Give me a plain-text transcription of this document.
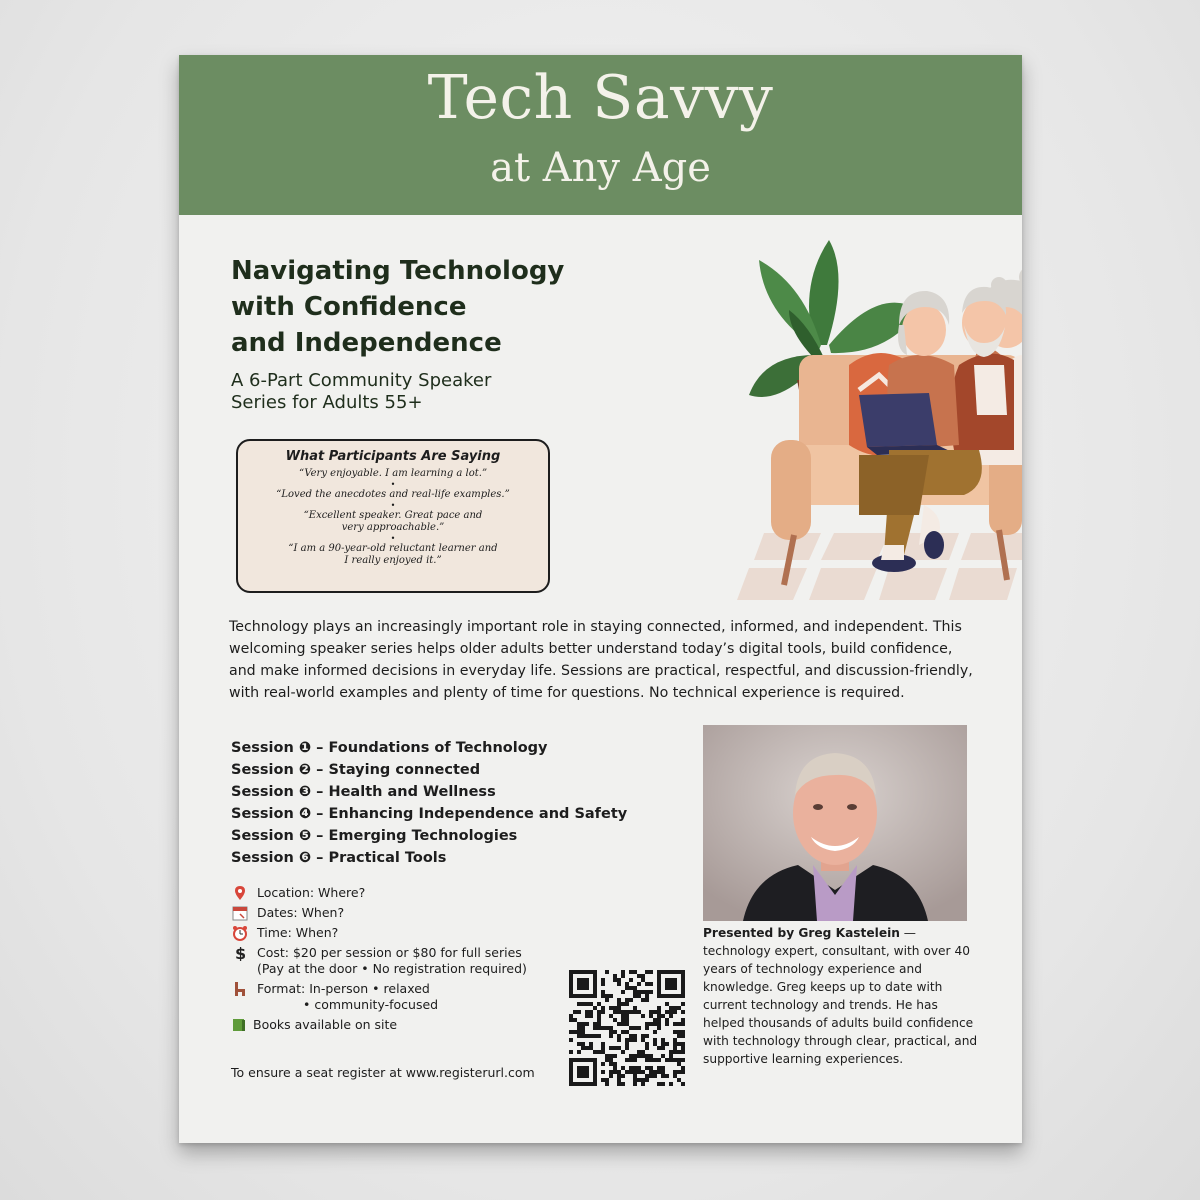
Tech Savvy
at Any Age
Navigating Technology
with Confidence
and Independence
A 6-Part Community Speaker
Series for Adults 55+
What Participants Are Saying
“Very enjoyable. I am learning a lot.”
•
“Loved the anecdotes and real-life examples.”
•
“Excellent speaker. Great pace and
very approachable.”
•
“I am a 90-year-old reluctant learner and
I really enjoyed it.”
Technology plays an increasingly important role in staying connected, informed, and independent. This welcoming speaker series helps older adults better understand today’s digital tools, build confidence, and make informed decisions in everyday life. Sessions are practical, respectful, and discussion-friendly, with real-world examples and plenty of time for questions. No technical experience is required.
Session ❶ – Foundations of Technology
Session ❷ – Staying connected
Session ❸ – Health and Wellness
Session ❹ – Enhancing Independence and Safety
Session ❺ – Emerging Technologies
Session ❻ – Practical Tools
Presented by Greg Kastelein — technology expert, consultant, with over 40 years of technology experience and knowledge. Greg keeps up to date with current technology and trends. He has helped thousands of adults build confidence with technology through clear, practical, and supportive learning experiences.
Location: Where?
Dates: When?
Time: When?
$ Cost: $20 per session or $80 for full series
(Pay at the door • No registration required)
Format: In-person • relaxed
• community-focused
Books available on site
To ensure a seat register at www.registerurl.com
